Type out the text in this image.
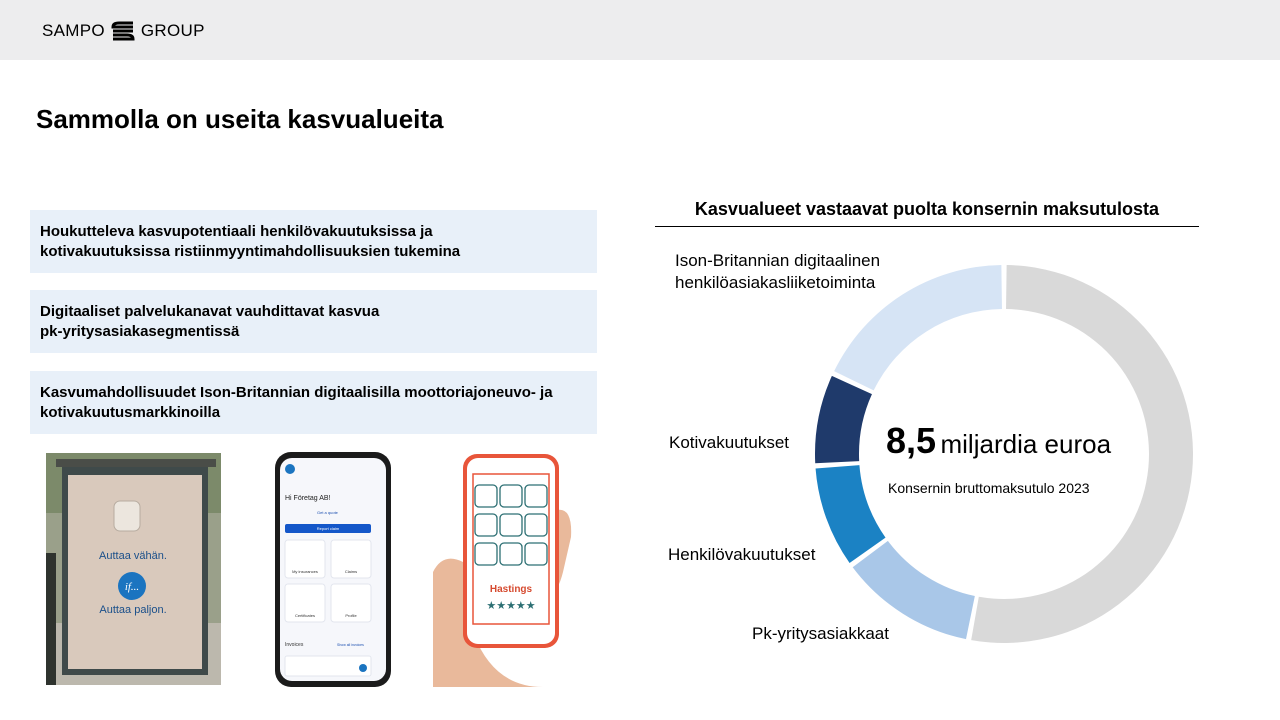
SAMPO GROUP
Sammolla on useita kasvualueita
Houkutteleva kasvupotentiaali henkilövakuutuksissa ja
kotivakuutuksissa ristiinmyyntimahdollisuuksien tukemina
Digitaaliset palvelukanavat vauhdittavat kasvua
pk-yritysasiakasegmentissä
Kasvumahdollisuudet Ison-Britannian digitaalisilla moottoriajoneuvo- ja
kotivakuutusmarkkinoilla
Auttaa vähän.
if...
Auttaa paljon.
Hi Företag AB!
Get a quote
Report claim
My insurances	Claims
Certificates	Profile
Invoices	Show all invoices
Hastings
★★★★★
Kasvualueet vastaavat puolta konsernin maksutulosta
Ison-Britannian digitaalinen henkilöasiakasliiketoiminta
Kotivakuutukset
Henkilövakuutukset
Pk-yritysasiakkaat
8,5 miljardia euroa
Konsernin bruttomaksutulo 2023
